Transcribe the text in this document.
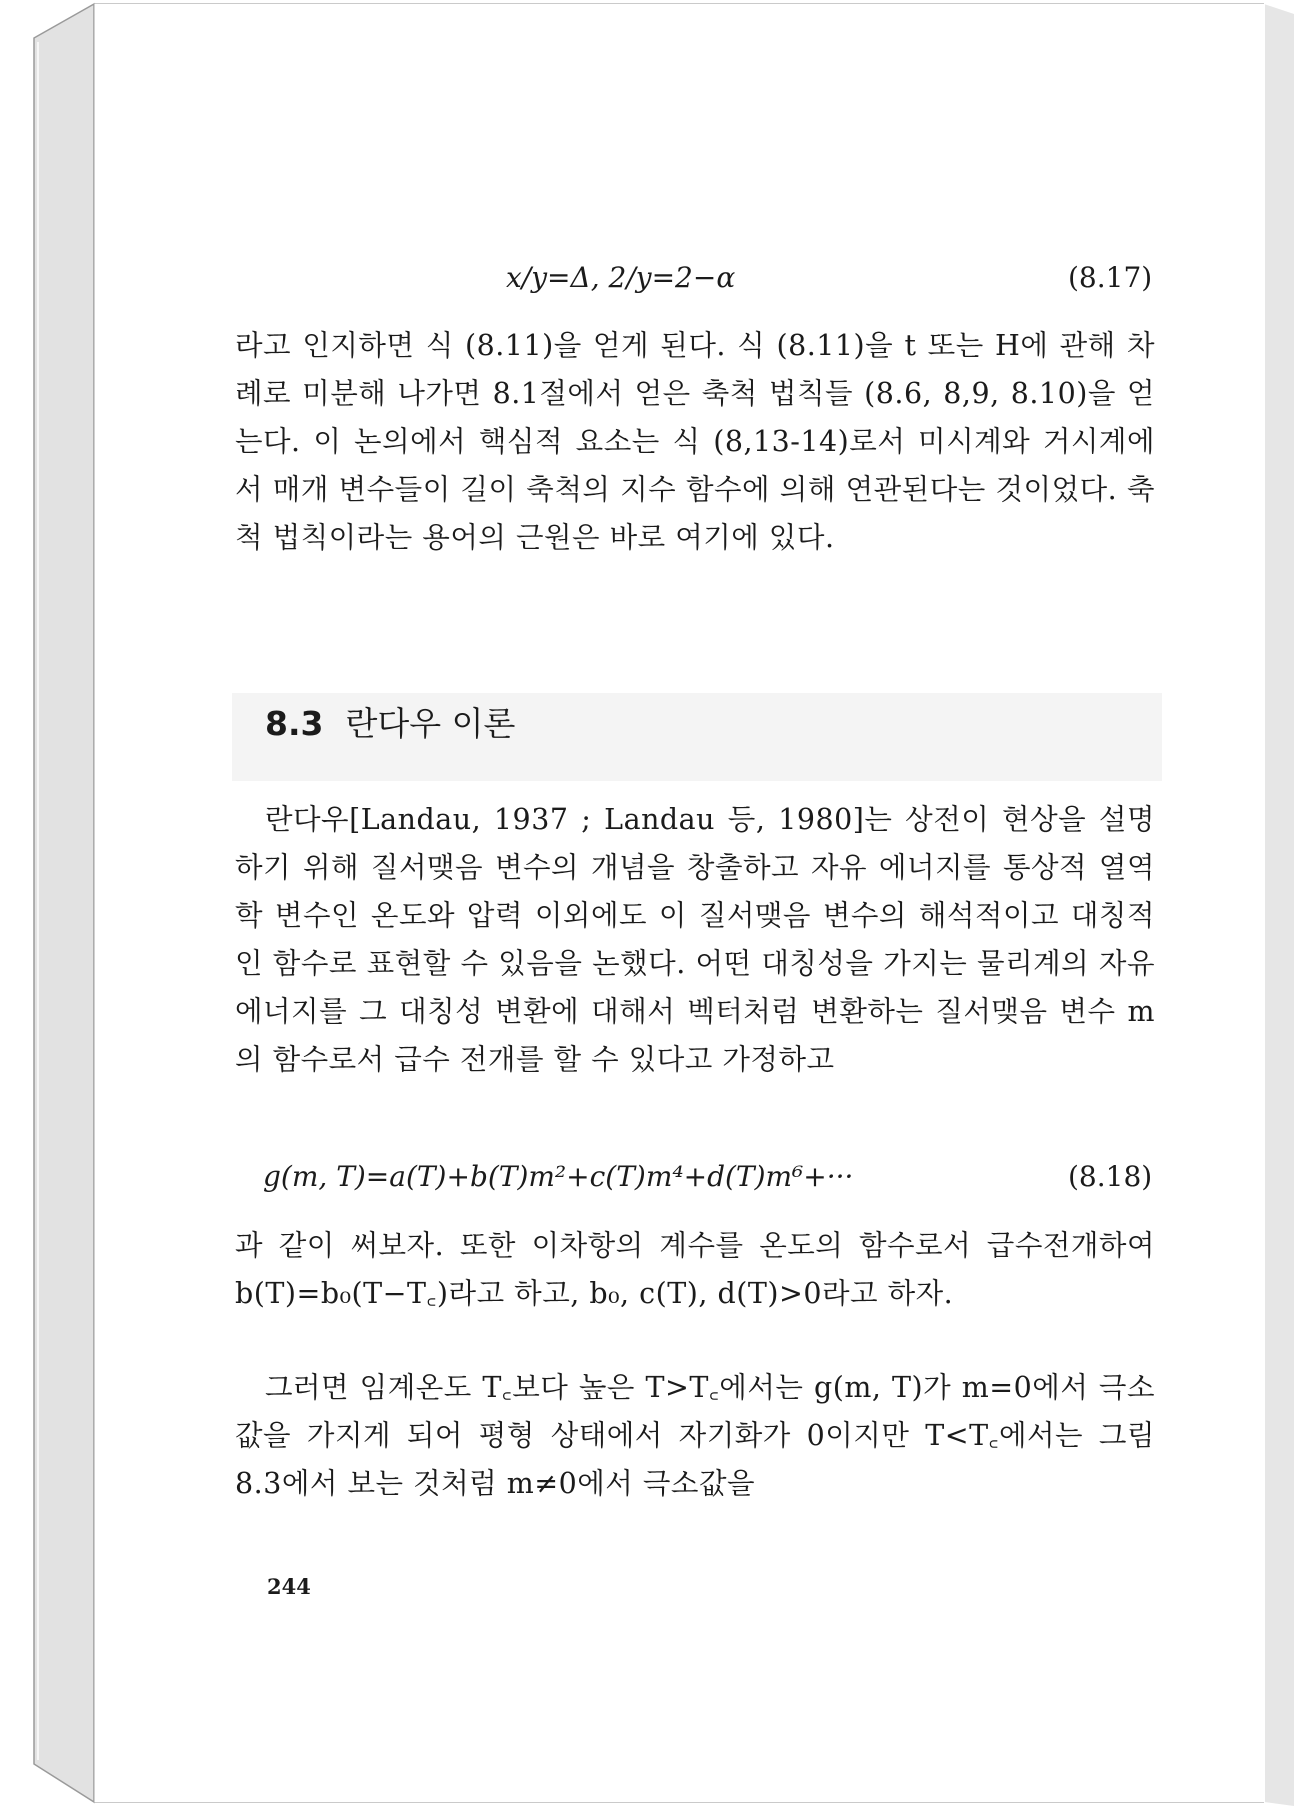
x/y=Δ, 2/y=2−α	(8.17)
라고 인지하면 식 (8.11)을 얻게 된다. 식 (8.11)을 t 또는 H에 관해 차례로 미분해 나가면 8.1절에서 얻은 축척 법칙들 (8.6, 8,9, 8.10)을 얻는다. 이 논의에서 핵심적 요소는 식 (8,13-14)로서 미시계와 거시계에서 매개 변수들이 길이 축척의 지수 함수에 의해 연관된다는 것이었다. 축척 법칙이라는 용어의 근원은 바로 여기에 있다.
8.3 란다우 이론
란다우[Landau, 1937 ; Landau 등, 1980]는 상전이 현상을 설명하기 위해 질서맺음 변수의 개념을 창출하고 자유 에너지를 통상적 열역학 변수인 온도와 압력 이외에도 이 질서맺음 변수의 해석적이고 대칭적인 함수로 표현할 수 있음을 논했다. 어떤 대칭성을 가지는 물리계의 자유 에너지를 그 대칭성 변환에 대해서 벡터처럼 변환하는 질서맺음 변수 m의 함수로서 급수 전개를 할 수 있다고 가정하고
g(m, T)=a(T)+b(T)m²+c(T)m⁴+d(T)m⁶+···	(8.18)
과 같이 써보자. 또한 이차항의 계수를 온도의 함수로서 급수전개하여 b(T)=b₀(T−T꜀)라고 하고, b₀, c(T), d(T)>0라고 하자.
그러면 임계온도 T꜀보다 높은 T>T꜀에서는 g(m, T)가 m=0에서 극소값을 가지게 되어 평형 상태에서 자기화가 0이지만 T<T꜀에서는 그림 8.3에서 보는 것처럼 m≠0에서 극소값을
244
